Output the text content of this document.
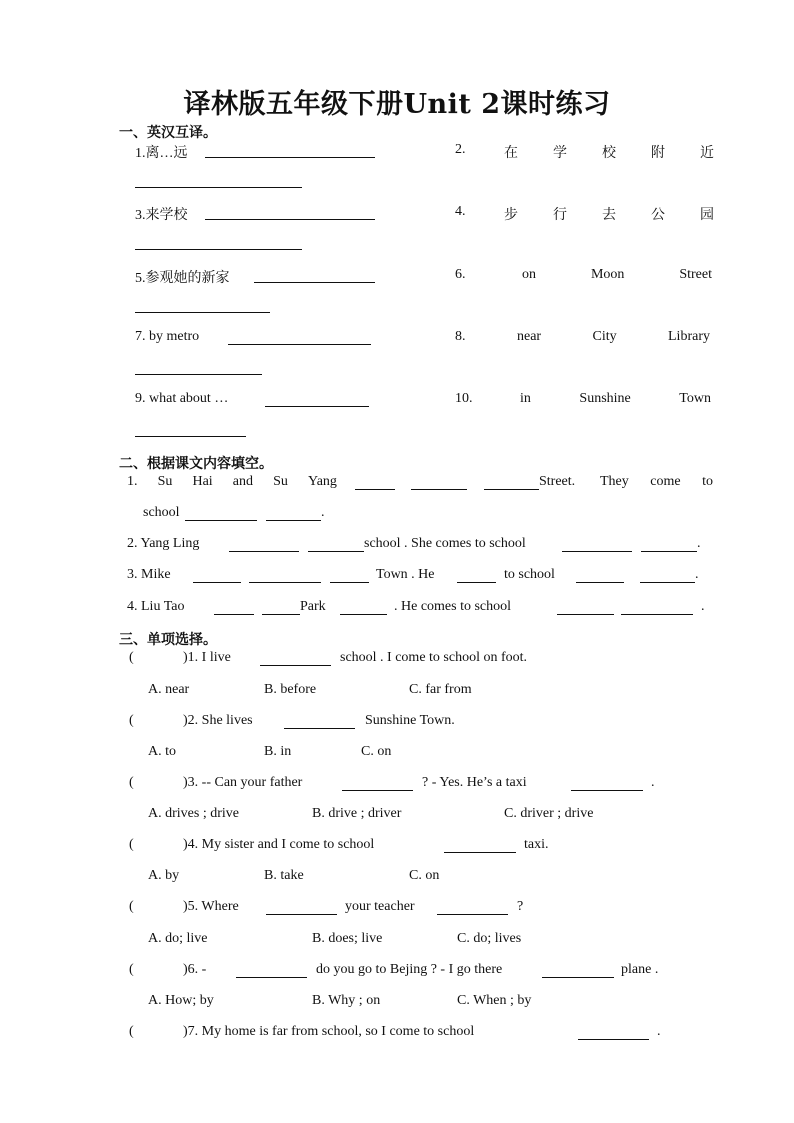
译林版五年级下册Unit 2课时练习
一、英汉互译。
1.离…远	2.	在	学	校	附	近
3.来学校	4.	步	行	去	公	园
5.参观她的新家	6.	on	Moon	Street
7. by metro	8.	near	City	Library
9. what about …	10.	in	Sunshine	Town
二、根据课文内容填空。
1. Su Hai and Su Yang	Street. They come to
school	.
2. Yang Ling	school . She comes to school	.
3. Mike	Town . He	to school	.
4. Liu Tao	Park	. He comes to school	.
三、单项选择。
(	)1. I live	school . I come to school on foot.
A. near	B. before	C. far from
(	)2. She lives	Sunshine Town.
A. to	B. in	C. on
(	)3. -- Can your father	? - Yes. He’s a taxi	.
A. drives ; drive	B. drive ; driver	C. driver ; drive
(	)4. My sister and I come to school	taxi.
A. by	B. take	C. on
(	)5. Where	your teacher	?
A. do; live	B. does; live	C. do; lives
(	)6. -	do you go to Bejing ? - I go there	plane .
A. How; by	B. Why ; on	C. When ; by
(	)7. My home is far from school, so I come to school	.
